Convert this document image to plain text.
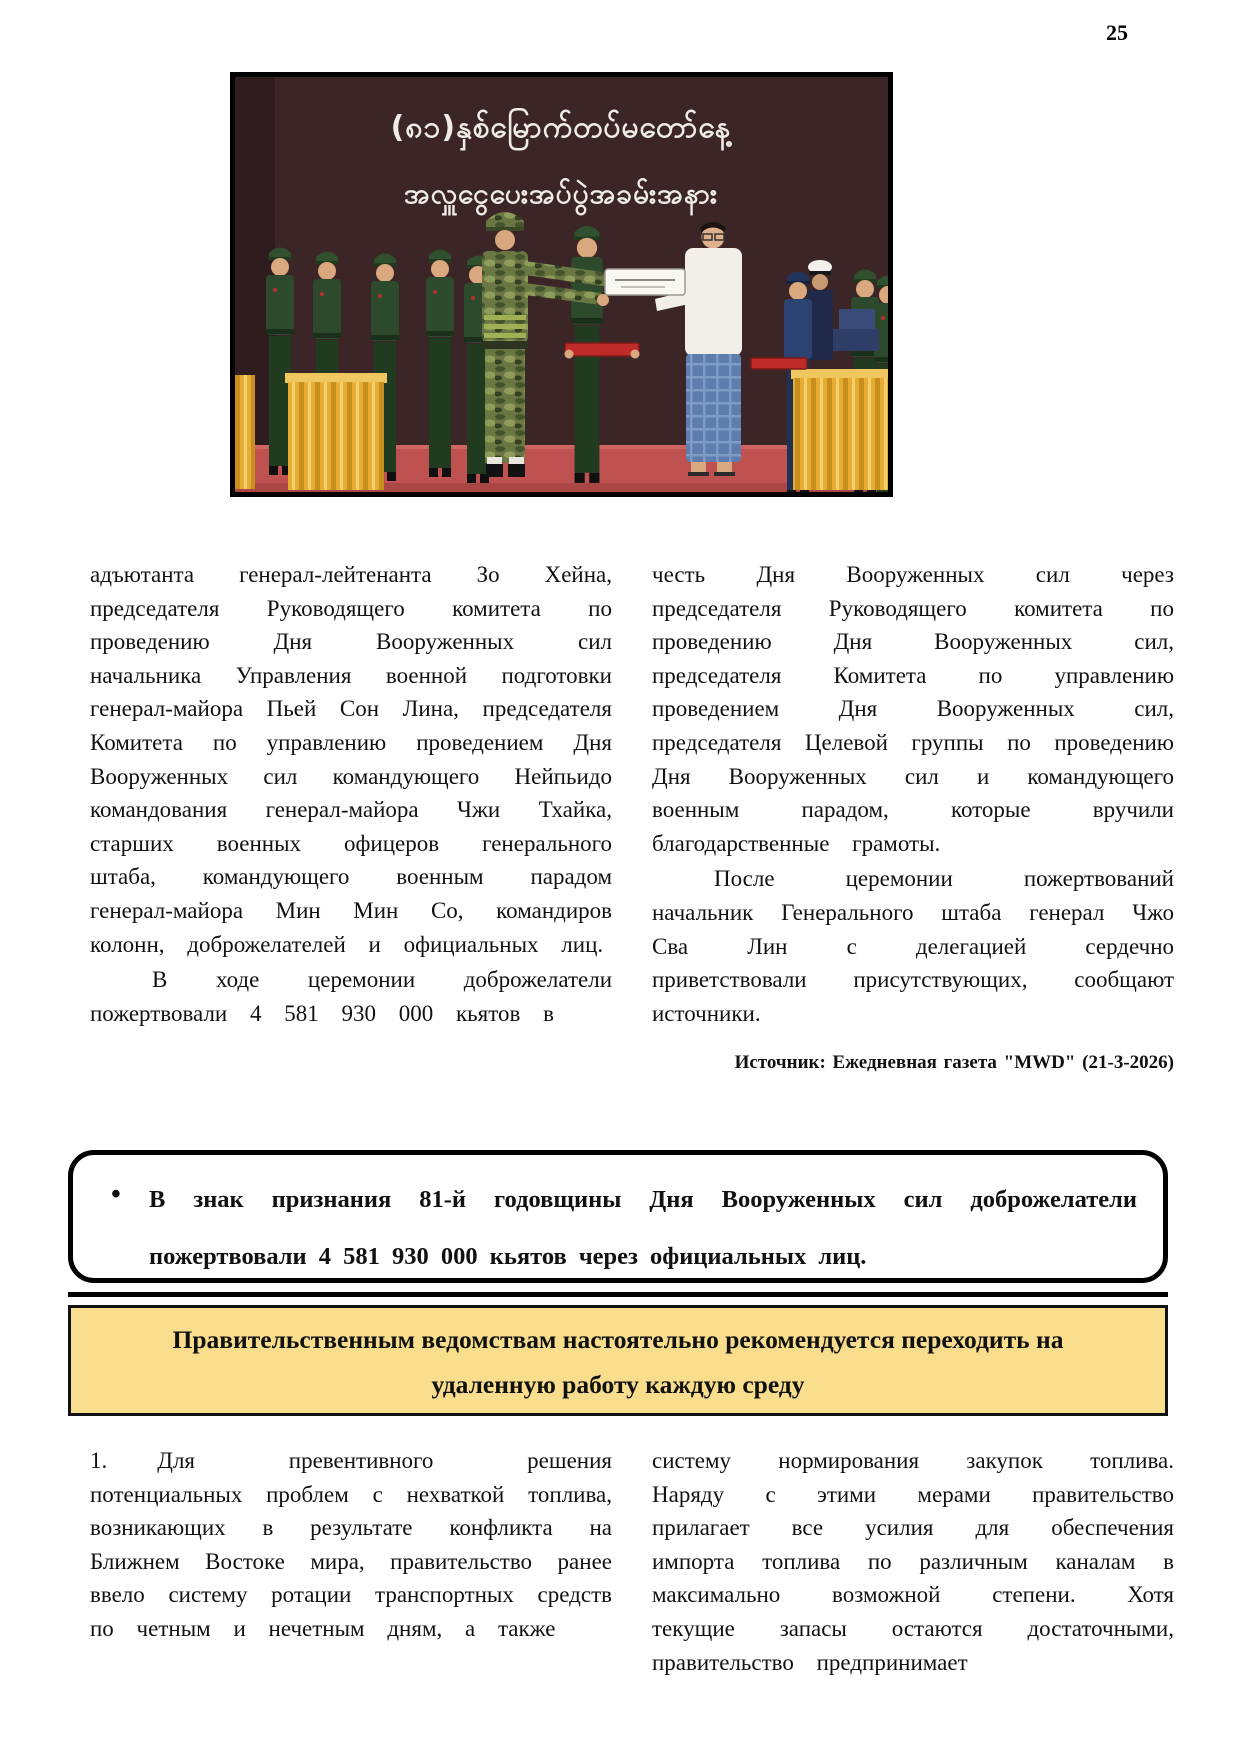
25
(၈၁)နှစ်မြောက်တပ်မတော်နေ့
အလှူငွေပေးအပ်ပွဲအခမ်းအနား

адъютанта генерал-лейтенанта Зо Хейна, председателя Руководящего комитета по проведению Дня Вооруженных сил начальника Управления военной подготовки генерал-майора Пьей Сон Лина, председателя Комитета по управлению проведением Дня Вооруженных сил командующего Нейпьидо командования генерал-майора Чжи Тхайка, старших военных офицеров генерального штаба, командующего военным парадом генерал-майора Мин Мин Со, командиров колонн, доброжелателей и официальных лиц.

В ходе церемонии доброжелатели пожертвовали 4 581 930 000 кьятов в

честь Дня Вооруженных сил через председателя Руководящего комитета по проведению Дня Вооруженных сил, председателя Комитета по управлению проведением Дня Вооруженных сил, председателя Целевой группы по проведению Дня Вооруженных сил и командующего военным парадом, которые вручили благодарственные грамоты.

После церемонии пожертвований начальник Генерального штаба генерал Чжо Сва Лин с делегацией сердечно приветствовали присутствующих, сообщают источники.

Источник: Ежедневная газета "MWD" (21-3-2026)
• В знак признания 81-й годовщины Дня Вооруженных сил доброжелатели пожертвовали 4 581 930 000 кьятов через официальных лиц.
Правительственным ведомствам настоятельно рекомендуется переходить на удаленную работу каждую среду

1. Для превентивного решения потенциальных проблем с нехваткой топлива, возникающих в результате конфликта на Ближнем Востоке мира, правительство ранее ввело систему ротации транспортных средств по четным и нечетным дням, а также

систему нормирования закупок топлива. Наряду с этими мерами правительство прилагает все усилия для обеспечения импорта топлива по различным каналам в максимально возможной степени. Хотя текущие запасы остаются достаточными, правительство предпринимает
